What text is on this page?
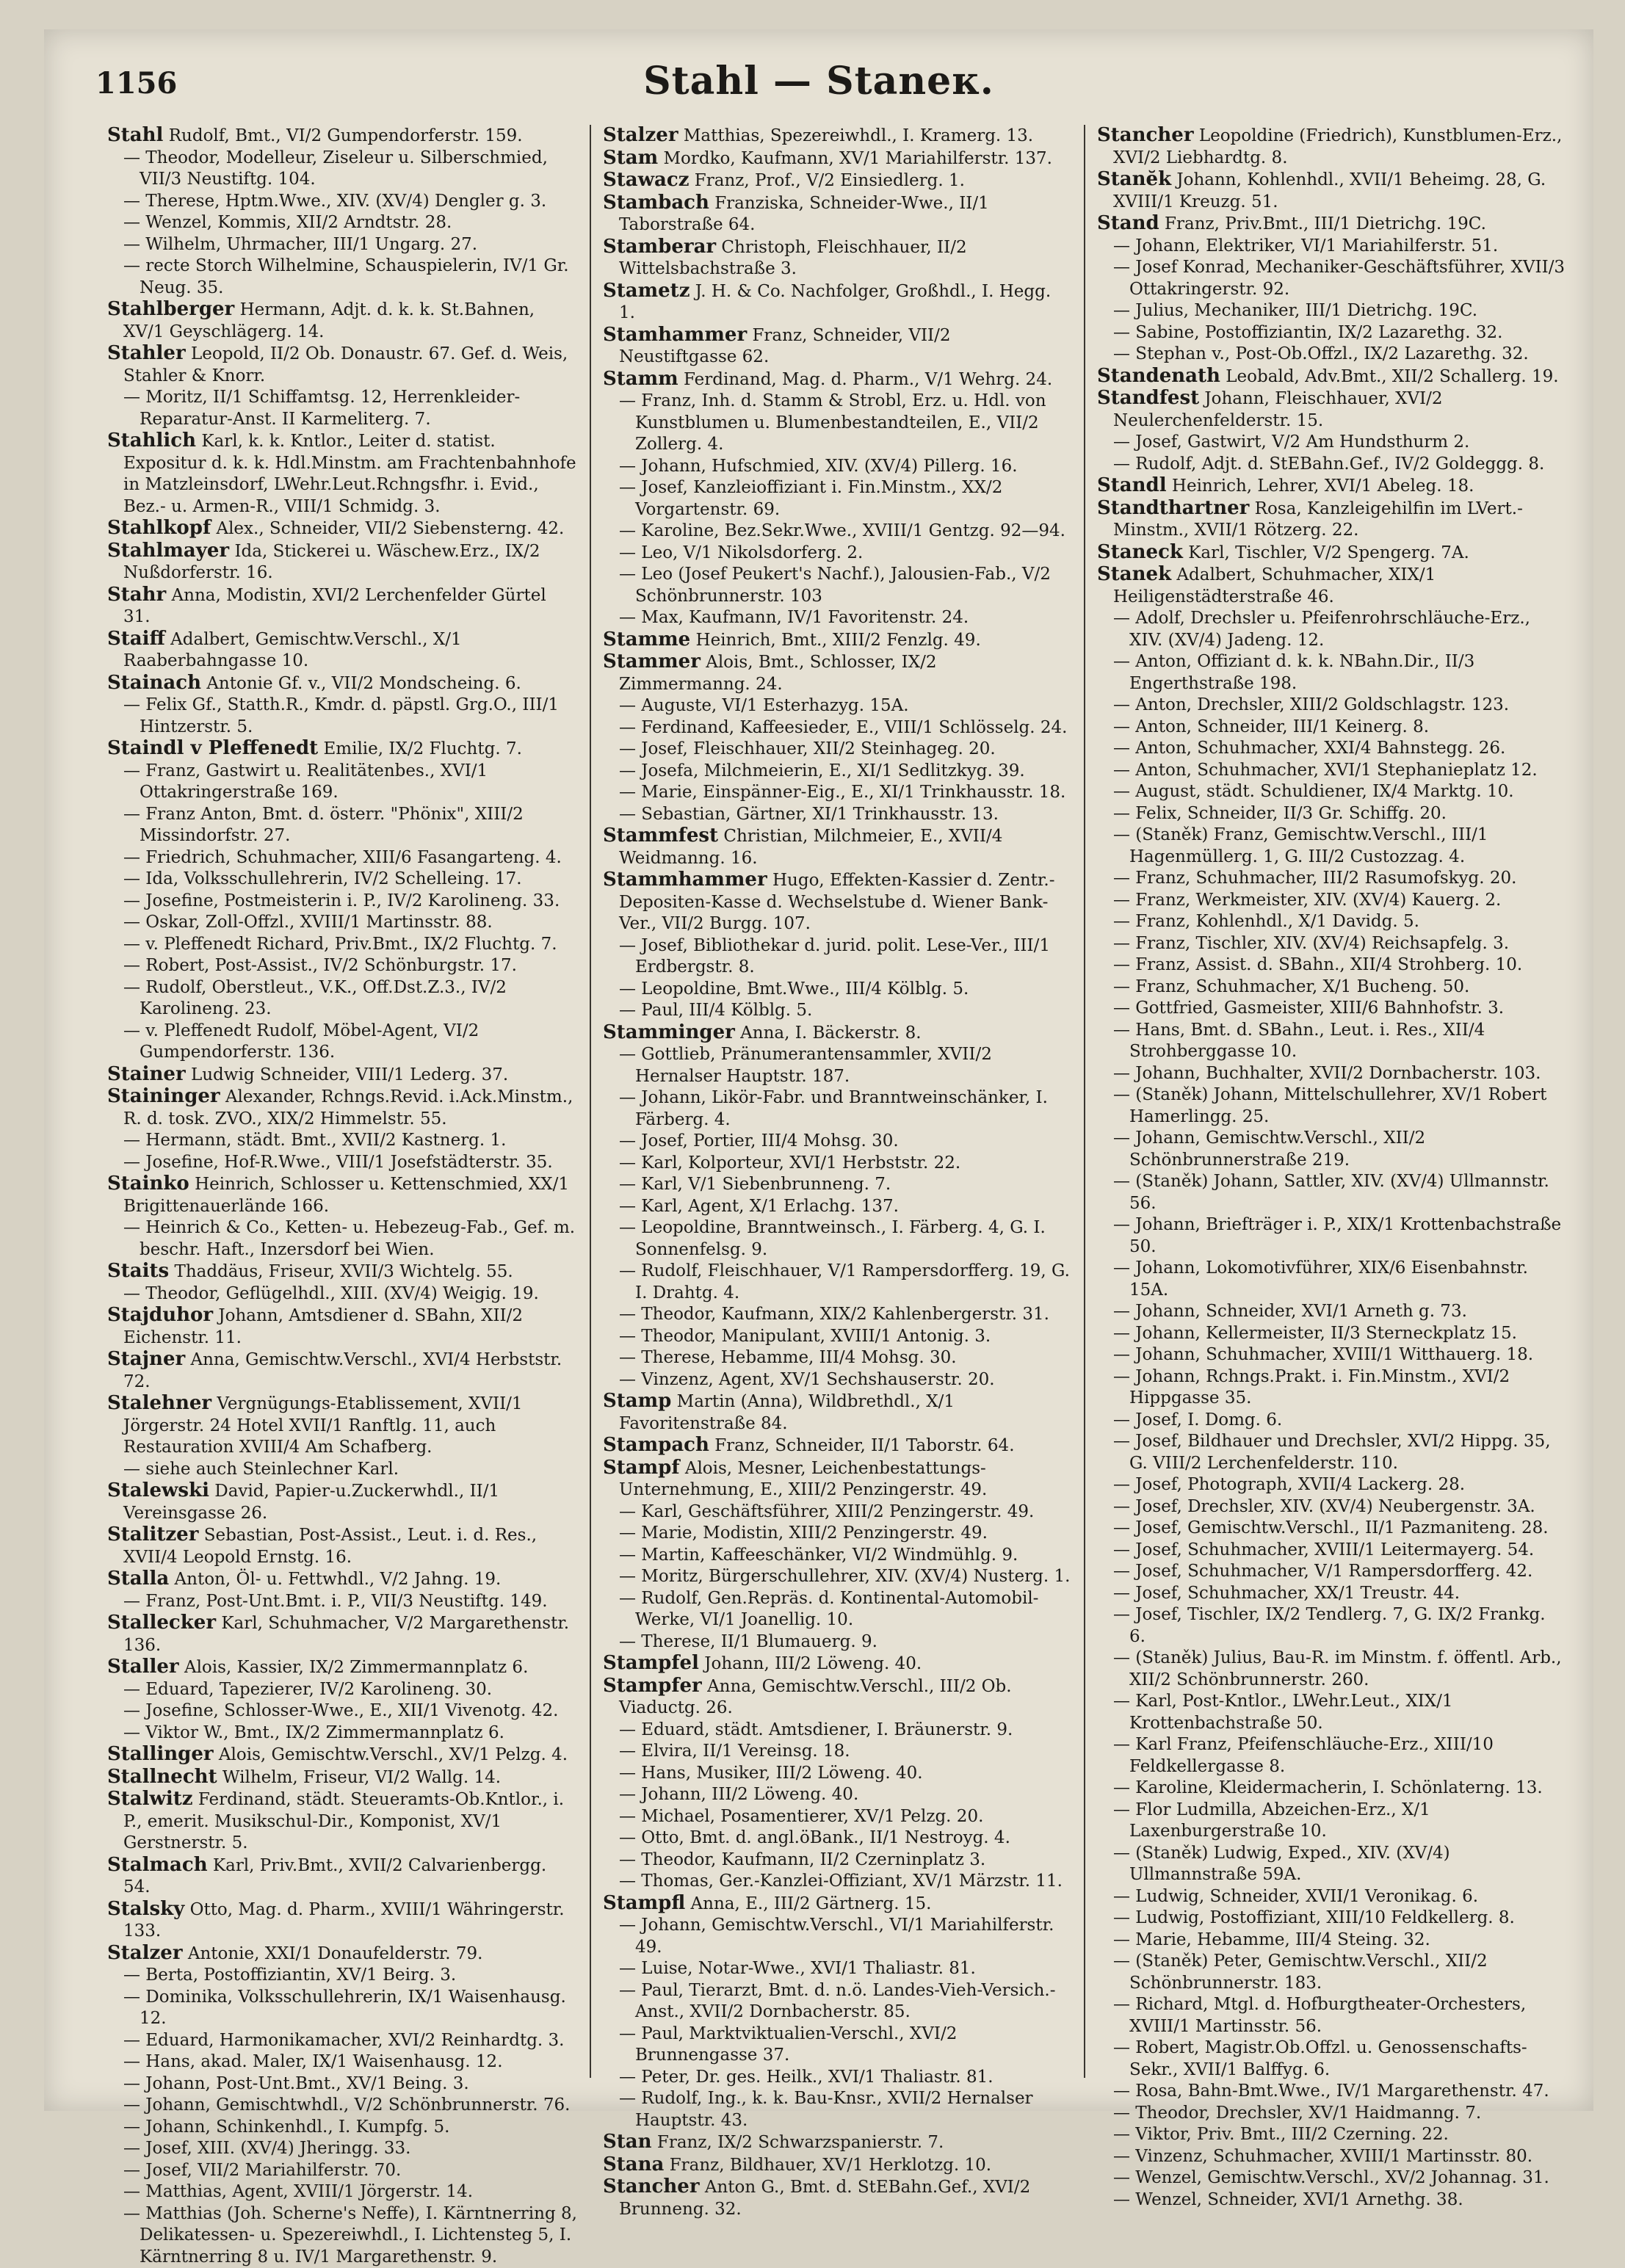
1156	Stahl — Staneк.

Stahl Rudolf, Bmt., VI/2 Gumpendorferstr. 159.

— Theodor, Modelleur, Ziseleur u. Silberschmied, VII/3 Neustiftg. 104.

— Therese, Hptm.Wwe., XIV. (XV/4) Dengler g. 3.

— Wenzel, Kommis, XII/2 Arndtstr. 28.

— Wilhelm, Uhrmacher, III/1 Ungarg. 27.

— recte Storch Wilhelmine, Schauspielerin, IV/1 Gr. Neug. 35.

Stahlberger Hermann, Adjt. d. k. k. St.Bahnen, XV/1 Geyschlägerg. 14.

Stahler Leopold, II/2 Ob. Donaustr. 67. Gef. d. Weis, Stahler & Knorr.

— Moritz, II/1 Schiffamtsg. 12, Herrenkleider-Reparatur-Anst. II Karmeliterg. 7.

Stahlich Karl, k. k. Kntlor., Leiter d. statist. Expositur d. k. k. Hdl.Minstm. am Frachtenbahnhofe in Matzleinsdorf, LWehr.Leut.Rchngsfhr. i. Evid., Bez.- u. Armen-R., VIII/1 Schmidg. 3.

Stahlkopf Alex., Schneider, VII/2 Siebensterng. 42.

Stahlmayer Ida, Stickerei u. Wäschew.Erz., IX/2 Nußdorferstr. 16.

Stahr Anna, Modistin, XVI/2 Lerchenfelder Gürtel 31.

Staiff Adalbert, Gemischtw.Verschl., X/1 Raaberbahngasse 10.

Stainach Antonie Gf. v., VII/2 Mondscheing. 6.

— Felix Gf., Statth.R., Kmdr. d. päpstl. Grg.O., III/1 Hintzerstr. 5.

Staindl v Pleffenedt Emilie, IX/2 Fluchtg. 7.

— Franz, Gastwirt u. Realitätenbes., XVI/1 Ottakringerstraße 169.

— Franz Anton, Bmt. d. österr. "Phönix", XIII/2 Missindorfstr. 27.

— Friedrich, Schuhmacher, XIII/6 Fasangarteng. 4.

— Ida, Volksschullehrerin, IV/2 Schelleing. 17.

— Josefine, Postmeisterin i. P., IV/2 Karolineng. 33.

— Oskar, Zoll-Offzl., XVIII/1 Martinsstr. 88.

— v. Pleffenedt Richard, Priv.Bmt., IX/2 Fluchtg. 7.

— Robert, Post-Assist., IV/2 Schönburgstr. 17.

— Rudolf, Oberstleut., V.K., Off.Dst.Z.3., IV/2 Karolineng. 23.

— v. Pleffenedt Rudolf, Möbel-Agent, VI/2 Gumpendorferstr. 136.

Stainer Ludwig Schneider, VIII/1 Lederg. 37.

Staininger Alexander, Rchngs.Revid. i.Ack.Minstm., R. d. tosk. ZVO., XIX/2 Himmelstr. 55.

— Hermann, städt. Bmt., XVII/2 Kastnerg. 1.

— Josefine, Hof-R.Wwe., VIII/1 Josefstädterstr. 35.

Stainko Heinrich, Schlosser u. Kettenschmied, XX/1 Brigittenauerlände 166.

— Heinrich & Co., Ketten- u. Hebezeug-Fab., Gef. m. beschr. Haft., Inzersdorf bei Wien.

Staits Thaddäus, Friseur, XVII/3 Wichtelg. 55.

— Theodor, Geflügelhdl., XIII. (XV/4) Weigig. 19.

Stajduhor Johann, Amtsdiener d. SBahn, XII/2 Eichenstr. 11.

Stajner Anna, Gemischtw.Verschl., XVI/4 Herbststr. 72.

Stalehner Vergnügungs-Etablissement, XVII/1 Jörgerstr. 24 Hotel XVII/1 Ranftlg. 11, auch Restauration XVIII/4 Am Schafberg.

— siehe auch Steinlechner Karl.

Stalewski David, Papier-u.Zuckerwhdl., II/1 Vereinsgasse 26.

Stalitzer Sebastian, Post-Assist., Leut. i. d. Res., XVII/4 Leopold Ernstg. 16.

Stalla Anton, Öl- u. Fettwhdl., V/2 Jahng. 19.

— Franz, Post-Unt.Bmt. i. P., VII/3 Neustiftg. 149.

Stallecker Karl, Schuhmacher, V/2 Margarethenstr. 136.

Staller Alois, Kassier, IX/2 Zimmermannplatz 6.

— Eduard, Tapezierer, IV/2 Karolineng. 30.

— Josefine, Schlosser-Wwe., E., XII/1 Vivenotg. 42.

— Viktor W., Bmt., IX/2 Zimmermannplatz 6.

Stallinger Alois, Gemischtw.Verschl., XV/1 Pelzg. 4.

Stallnecht Wilhelm, Friseur, VI/2 Wallg. 14.

Stalwitz Ferdinand, städt. Steueramts-Ob.Kntlor., i. P., emerit. Musikschul-Dir., Komponist, XV/1 Gerstnerstr. 5.

Stalmach Karl, Priv.Bmt., XVII/2 Calvarienbergg. 54.

Stalsky Otto, Mag. d. Pharm., XVIII/1 Währingerstr. 133.

Stalzer Antonie, XXI/1 Donaufelderstr. 79.

— Berta, Postoffiziantin, XV/1 Beirg. 3.

— Dominika, Volksschullehrerin, IX/1 Waisenhausg. 12.

— Eduard, Harmonikamacher, XVI/2 Reinhardtg. 3.

— Hans, akad. Maler, IX/1 Waisenhausg. 12.

— Johann, Post-Unt.Bmt., XV/1 Being. 3.

— Johann, Gemischtwhdl., V/2 Schönbrunnerstr. 76.

— Johann, Schinkenhdl., I. Kumpfg. 5.

— Josef, XIII. (XV/4) Jheringg. 33.

— Josef, VII/2 Mariahilferstr. 70.

— Matthias, Agent, XVIII/1 Jörgerstr. 14.

— Matthias (Joh. Scherne's Neffe), I. Kärntnerring 8, Delikatessen- u. Spezereiwhdl., I. Lichtensteg 5, I. Kärntnerring 8 u. IV/1 Margarethenstr. 9.

Stalzer Matthias, Spezereiwhdl., I. Kramerg. 13.

Stam Mordko, Kaufmann, XV/1 Mariahilferstr. 137.

Stawacz Franz, Prof., V/2 Einsiedlerg. 1.

Stambach Franziska, Schneider-Wwe., II/1 Taborstraße 64.

Stamberar Christoph, Fleischhauer, II/2 Wittelsbachstraße 3.

Stametz J. H. & Co. Nachfolger, Großhdl., I. Hegg. 1.

Stamhammer Franz, Schneider, VII/2 Neustiftgasse 62.

Stamm Ferdinand, Mag. d. Pharm., V/1 Wehrg. 24.

— Franz, Inh. d. Stamm & Strobl, Erz. u. Hdl. von Kunstblumen u. Blumenbestandteilen, E., VII/2 Zollerg. 4.

— Johann, Hufschmied, XIV. (XV/4) Pillerg. 16.

— Josef, Kanzleioffiziant i. Fin.Minstm., XX/2 Vorgartenstr. 69.

— Karoline, Bez.Sekr.Wwe., XVIII/1 Gentzg. 92—94.

— Leo, V/1 Nikolsdorferg. 2.

— Leo (Josef Peukert's Nachf.), Jalousien-Fab., V/2 Schönbrunnerstr. 103

— Max, Kaufmann, IV/1 Favoritenstr. 24.

Stamme Heinrich, Bmt., XIII/2 Fenzlg. 49.

Stammer Alois, Bmt., Schlosser, IX/2 Zimmermanng. 24.

— Auguste, VI/1 Esterhazyg. 15A.

— Ferdinand, Kaffeesieder, E., VIII/1 Schlösselg. 24.

— Josef, Fleischhauer, XII/2 Steinhageg. 20.

— Josefa, Milchmeierin, E., XI/1 Sedlitzkyg. 39.

— Marie, Einspänner-Eig., E., XI/1 Trinkhausstr. 18.

— Sebastian, Gärtner, XI/1 Trinkhausstr. 13.

Stammfest Christian, Milchmeier, E., XVII/4 Weidmanng. 16.

Stammhammer Hugo, Effekten-Kassier d. Zentr.-Depositen-Kasse d. Wechselstube d. Wiener Bank-Ver., VII/2 Burgg. 107.

— Josef, Bibliothekar d. jurid. polit. Lese-Ver., III/1 Erdbergstr. 8.

— Leopoldine, Bmt.Wwe., III/4 Kölblg. 5.

— Paul, III/4 Kölblg. 5.

Stamminger Anna, I. Bäckerstr. 8.

— Gottlieb, Pränumerantensammler, XVII/2 Hernalser Hauptstr. 187.

— Johann, Likör-Fabr. und Branntweinschänker, I. Färberg. 4.

— Josef, Portier, III/4 Mohsg. 30.

— Karl, Kolporteur, XVI/1 Herbststr. 22.

— Karl, V/1 Siebenbrunneng. 7.

— Karl, Agent, X/1 Erlachg. 137.

— Leopoldine, Branntweinsch., I. Färberg. 4, G. I. Sonnenfelsg. 9.

— Rudolf, Fleischhauer, V/1 Rampersdorfferg. 19, G. I. Drahtg. 4.

— Theodor, Kaufmann, XIX/2 Kahlenbergerstr. 31.

— Theodor, Manipulant, XVIII/1 Antonig. 3.

— Therese, Hebamme, III/4 Mohsg. 30.

— Vinzenz, Agent, XV/1 Sechshauserstr. 20.

Stamp Martin (Anna), Wildbrethdl., X/1 Favoritenstraße 84.

Stampach Franz, Schneider, II/1 Taborstr. 64.

Stampf Alois, Mesner, Leichenbestattungs-Unternehmung, E., XIII/2 Penzingerstr. 49.

— Karl, Geschäftsführer, XIII/2 Penzingerstr. 49.

— Marie, Modistin, XIII/2 Penzingerstr. 49.

— Martin, Kaffeeschänker, VI/2 Windmühlg. 9.

— Moritz, Bürgerschullehrer, XIV. (XV/4) Nusterg. 1.

— Rudolf, Gen.Repräs. d. Kontinental-Automobil-Werke, VI/1 Joanellig. 10.

— Therese, II/1 Blumauerg. 9.

Stampfel Johann, III/2 Löweng. 40.

Stampfer Anna, Gemischtw.Verschl., III/2 Ob. Viaductg. 26.

— Eduard, städt. Amtsdiener, I. Bräunerstr. 9.

— Elvira, II/1 Vereinsg. 18.

— Hans, Musiker, III/2 Löweng. 40.

— Johann, III/2 Löweng. 40.

— Michael, Posamentierer, XV/1 Pelzg. 20.

— Otto, Bmt. d. angl.öBank., II/1 Nestroyg. 4.

— Theodor, Kaufmann, II/2 Czerninplatz 3.

— Thomas, Ger.-Kanzlei-Offiziant, XV/1 Märzstr. 11.

Stampfl Anna, E., III/2 Gärtnerg. 15.

— Johann, Gemischtw.Verschl., VI/1 Mariahilferstr. 49.

— Luise, Notar-Wwe., XVI/1 Thaliastr. 81.

— Paul, Tierarzt, Bmt. d. n.ö. Landes-Vieh-Versich.-Anst., XVII/2 Dornbacherstr. 85.

— Paul, Marktviktualien-Verschl., XVI/2 Brunnengasse 37.

— Peter, Dr. ges. Heilk., XVI/1 Thaliastr. 81.

— Rudolf, Ing., k. k. Bau-Knsr., XVII/2 Hernalser Hauptstr. 43.

Stan Franz, IX/2 Schwarzspanierstr. 7.

Stana Franz, Bildhauer, XV/1 Herklotzg. 10.

Stancher Anton G., Bmt. d. StEBahn.Gef., XVI/2 Brunneng. 32.

Stancher Leopoldine (Friedrich), Kunstblumen-Erz., XVI/2 Liebhardtg. 8.

Stanĕk Johann, Kohlenhdl., XVII/1 Beheimg. 28, G. XVIII/1 Kreuzg. 51.

Stand Franz, Priv.Bmt., III/1 Dietrichg. 19C.

— Johann, Elektriker, VI/1 Mariahilferstr. 51.

— Josef Konrad, Mechaniker-Geschäftsführer, XVII/3 Ottakringerstr. 92.

— Julius, Mechaniker, III/1 Dietrichg. 19C.

— Sabine, Postoffiziantin, IX/2 Lazarethg. 32.

— Stephan v., Post-Ob.Offzl., IX/2 Lazarethg. 32.

Standenath Leobald, Adv.Bmt., XII/2 Schallerg. 19.

Standfest Johann, Fleischhauer, XVI/2 Neulerchenfelderstr. 15.

— Josef, Gastwirt, V/2 Am Hundsthurm 2.

— Rudolf, Adjt. d. StEBahn.Gef., IV/2 Goldeggg. 8.

Standl Heinrich, Lehrer, XVI/1 Abeleg. 18.

Standthartner Rosa, Kanzleigehilfin im LVert.-Minstm., XVII/1 Rötzerg. 22.

Staneck Karl, Tischler, V/2 Spengerg. 7A.

Stanek Adalbert, Schuhmacher, XIX/1 Heiligenstädterstraße 46.

— Adolf, Drechsler u. Pfeifenrohrschläuche-Erz., XIV. (XV/4) Jadeng. 12.

— Anton, Offiziant d. k. k. NBahn.Dir., II/3 Engerthstraße 198.

— Anton, Drechsler, XIII/2 Goldschlagstr. 123.

— Anton, Schneider, III/1 Keinerg. 8.

— Anton, Schuhmacher, XXI/4 Bahnstegg. 26.

— Anton, Schuhmacher, XVI/1 Stephanieplatz 12.

— August, städt. Schuldiener, IX/4 Marktg. 10.

— Felix, Schneider, II/3 Gr. Schiffg. 20.

— (Staněk) Franz, Gemischtw.Verschl., III/1 Hagenmüllerg. 1, G. III/2 Custozzag. 4.

— Franz, Schuhmacher, III/2 Rasumofskyg. 20.

— Franz, Werkmeister, XIV. (XV/4) Kauerg. 2.

— Franz, Kohlenhdl., X/1 Davidg. 5.

— Franz, Tischler, XIV. (XV/4) Reichsapfelg. 3.

— Franz, Assist. d. SBahn., XII/4 Strohberg. 10.

— Franz, Schuhmacher, X/1 Bucheng. 50.

— Gottfried, Gasmeister, XIII/6 Bahnhofstr. 3.

— Hans, Bmt. d. SBahn., Leut. i. Res., XII/4 Strohberggasse 10.

— Johann, Buchhalter, XVII/2 Dornbacherstr. 103.

— (Staněk) Johann, Mittelschullehrer, XV/1 Robert Hamerlingg. 25.

— Johann, Gemischtw.Verschl., XII/2 Schönbrunnerstraße 219.

— (Staněk) Johann, Sattler, XIV. (XV/4) Ullmannstr. 56.

— Johann, Briefträger i. P., XIX/1 Krottenbachstraße 50.

— Johann, Lokomotivführer, XIX/6 Eisenbahnstr. 15A.

— Johann, Schneider, XVI/1 Arneth g. 73.

— Johann, Kellermeister, II/3 Sterneckplatz 15.

— Johann, Schuhmacher, XVIII/1 Witthauerg. 18.

— Johann, Rchngs.Prakt. i. Fin.Minstm., XVI/2 Hippgasse 35.

— Josef, I. Domg. 6.

— Josef, Bildhauer und Drechsler, XVI/2 Hippg. 35, G. VIII/2 Lerchenfelderstr. 110.

— Josef, Photograph, XVII/4 Lackerg. 28.

— Josef, Drechsler, XIV. (XV/4) Neubergenstr. 3A.

— Josef, Gemischtw.Verschl., II/1 Pazmaniteng. 28.

— Josef, Schuhmacher, XVIII/1 Leitermayerg. 54.

— Josef, Schuhmacher, V/1 Rampersdorfferg. 42.

— Josef, Schuhmacher, XX/1 Treustr. 44.

— Josef, Tischler, IX/2 Tendlerg. 7, G. IX/2 Frankg. 6.

— (Staněk) Julius, Bau-R. im Minstm. f. öffentl. Arb., XII/2 Schönbrunnerstr. 260.

— Karl, Post-Kntlor., LWehr.Leut., XIX/1 Krottenbachstraße 50.

— Karl Franz, Pfeifenschläuche-Erz., XIII/10 Feldkellergasse 8.

— Karoline, Kleidermacherin, I. Schönlaterng. 13.

— Flor Ludmilla, Abzeichen-Erz., X/1 Laxenburgerstraße 10.

— (Staněk) Ludwig, Exped., XIV. (XV/4) Ullmannstraße 59A.

— Ludwig, Schneider, XVII/1 Veronikag. 6.

— Ludwig, Postoffiziant, XIII/10 Feldkellerg. 8.

— Marie, Hebamme, III/4 Steing. 32.

— (Staněk) Peter, Gemischtw.Verschl., XII/2 Schönbrunnerstr. 183.

— Richard, Mtgl. d. Hofburgtheater-Orchesters, XVIII/1 Martinsstr. 56.

— Robert, Magistr.Ob.Offzl. u. Genossenschafts-Sekr., XVII/1 Balffyg. 6.

— Rosa, Bahn-Bmt.Wwe., IV/1 Margarethenstr. 47.

— Theodor, Drechsler, XV/1 Haidmanng. 7.

— Viktor, Priv. Bmt., III/2 Czerning. 22.

— Vinzenz, Schuhmacher, XVIII/1 Martinsstr. 80.

— Wenzel, Gemischtw.Verschl., XV/2 Johannag. 31.

— Wenzel, Schneider, XVI/1 Arnethg. 38.
